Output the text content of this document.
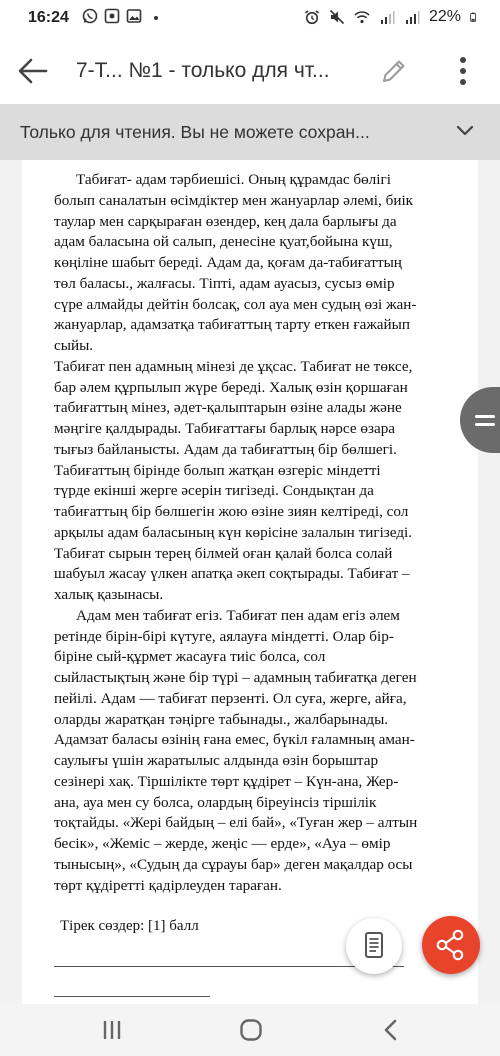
16:24	22%
7-Т... №1 - только для чт...
Только для чтения. Вы не можете сохран...
Табиғат- адам тәрбиешісі. Оның құрамдас бөлігі
болып саналатын өсімдіктер мен жануарлар әлемі, биік
таулар мен сарқыраған өзендер, кең дала барлығы да
адам баласына ой салып, денесіне қуат,бойына күш,
көңіліне шабыт береді. Адам да, қоғам да-табиғаттың
төл баласы., жалғасы. Тіпті, адам ауасыз, сусыз өмір
сүре алмайды дейтін болсақ, сол ауа мен судың өзі жан-
жануарлар, адамзатқа табиғаттың тарту еткен ғажайып
сыйы.
Табиғат пен адамның мінезі де ұқсас. Табиғат не төксе,
бар әлем құрпылып жүре береді. Халық өзін қоршаған
табиғаттың мінез, әдет-қалыптарын өзіне алады және
мәңгіге қалдырады. Табиғаттағы барлық нәрсе өзара
тығыз байланысты. Адам да табиғаттың бір бөлшегі.
Табиғаттың бірінде болып жатқан өзгеріс міндетті
түрде екінші жерге әсерін тигізеді. Сондықтан да
табиғаттың бір бөлшегін жою өзіне зиян келтіреді, сол
арқылы адам баласының күн көрісіне залалын тигізеді.
Табиғат сырын терең білмей оған қалай болса солай
шабуыл жасау үлкен апатқа әкеп соқтырады. Табиғат –
халық қазынасы.
Адам мен табиғат егіз. Табиғат пен адам егіз әлем
ретінде бірін-бірі күтуге, аялауға міндетті. Олар бір-
біріне сый-құрмет жасауға тиіс болса, сол
сыйластықтың және бір түрі – адамның табиғатқа деген
пейілі. Адам — табиғат перзенті. Ол суға, жерге, айға,
оларды жаратқан тәңірге табынады., жалбарынады.
Адамзат баласы өзінің ғана емес, бүкіл ғаламның аман-
саулығы үшін жаратылыс алдында өзін борыштар
сезінері хақ. Тіршілікте төрт құдірет – Күн-ана, Жер-
ана, ауа мен су болса, олардың біреуінсіз тіршілік
тоқтайды. «Жері байдың – елі бай», «Туған жер – алтын
бесік», «Жеміс – жерде, жеңіс — ерде», «Ауа – өмір
тынысың», «Судың да сұрауы бар» деген мақалдар осы
төрт құдіретті қадірлеуден тараған.
Тірек сөздер: [1] балл
